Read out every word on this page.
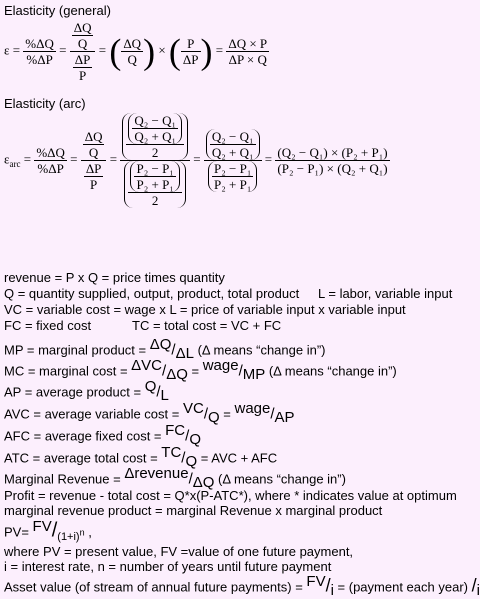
Elasticity (general)
$\varepsilon = \frac{\%\Delta Q}{\%\Delta P} = \frac{\frac{\Delta Q}{Q}}{\frac{\Delta P}{P}}$ = ( $\frac{\Delta Q}{Q}$ ) × ( $\frac{P}{\Delta P}$ ) = $\frac{\Delta Q \times P}{\Delta P \times Q}$
Elasticity (arc)
$\varepsilon_{arc} = \frac{\%\Delta Q}{\%\Delta P} = \frac{\frac{\Delta Q}{Q}}{\frac{\Delta P}{P}} = \frac{\frac{\text{Q₂ − Q₁}}{\text{Q₂ + Q₁}}}{2}$
$\frac{\frac{\text{P₂ − P₁}}{\text{P₂ + P₁}}}{2}$
= $\frac{\frac{\text{Q₂ − Q₁}}{\text{Q₂ + Q₁}}}{\frac{\text{P₂ − P₁}}{\text{P₂ + P₁}}} = \frac{\text{(Q₂ − Q₁) × (P₂ + P₁)}}{\text{(P₂ − P₁) × (Q₂ + Q₁)}}$
revenue = P x Q = price times quantity
Q = quantity supplied, output, product, total product L = labor, variable input
VC = variable cost = wage x L = price of variable input x variable input
FC = fixed cost	TC = total cost = VC + FC
MP = marginal product = $^{\Delta Q}/_{\Delta L}$ (Δ means “change in”)
MC = marginal $\cos t = ^{\Delta VC}/_{\Delta Q} = ^{wage}/_{MP}$ (Δ means “change in”)
AP = average product = $^Q/_L$
AVC = average variable $\cos t = ^{VC}/_Q = ^{wage}/_{AP}$
AFC = average fixed $\cos t = ^{FC}/_Q$
ATC = average total $\cos t = ^{TC}/_Q$ = AVC + AFC
Marginal Revenue = $^{\Delta revenue}/_{\Delta Q}$ (Δ means “change in”)
Profit = revenue - total cost = Q*x(P-ATC*), where * indicates value at optimum
marginal revenue product = marginal Revenue x marginal product
$PV= ^{FV}/_{(1+i)^n}$ ,
where PV = present value, FV =value of one future payment,
i = interest rate, n = number of years until future payment
Asset value (of stream of annual future payments) = $^{FV}/_i$ = (payment each year) $/_i$
